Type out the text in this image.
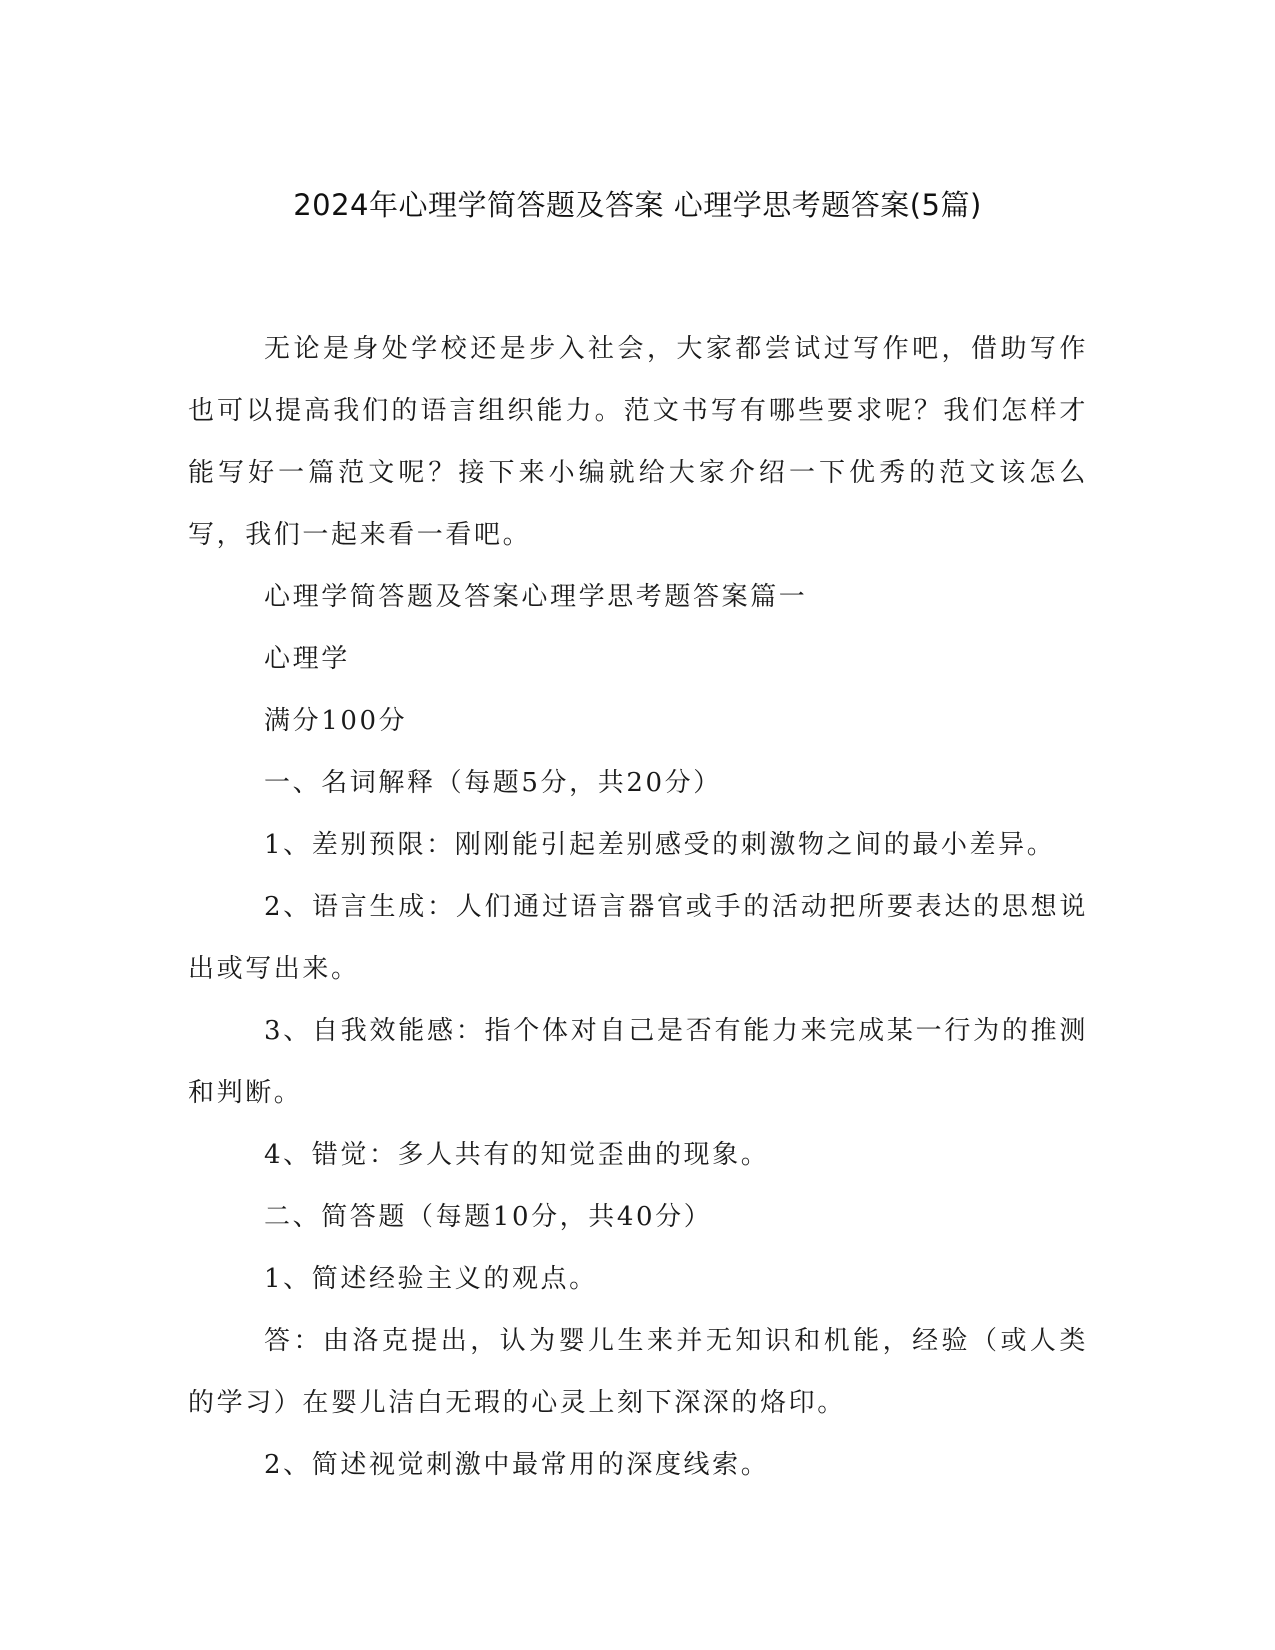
2024年心理学简答题及答案 心理学思考题答案(5篇)

无论是身处学校还是步入社会，大家都尝试过写作吧，借助写作也可以提高我们的语言组织能力。范文书写有哪些要求呢？我们怎样才能写好一篇范文呢？接下来小编就给大家介绍一下优秀的范文该怎么写，我们一起来看一看吧。

心理学简答题及答案心理学思考题答案篇一

心理学

满分100分

一、名词解释（每题5分，共20分）

1、差别预限：刚刚能引起差别感受的刺激物之间的最小差异。

2、语言生成：人们通过语言器官或手的活动把所要表达的思想说出或写出来。

3、自我效能感：指个体对自己是否有能力来完成某一行为的推测和判断。

4、错觉：多人共有的知觉歪曲的现象。

二、简答题（每题10分，共40分）

1、简述经验主义的观点。

答：由洛克提出，认为婴儿生来并无知识和机能，经验（或人类的学习）在婴儿洁白无瑕的心灵上刻下深深的烙印。

2、简述视觉刺激中最常用的深度线索。
